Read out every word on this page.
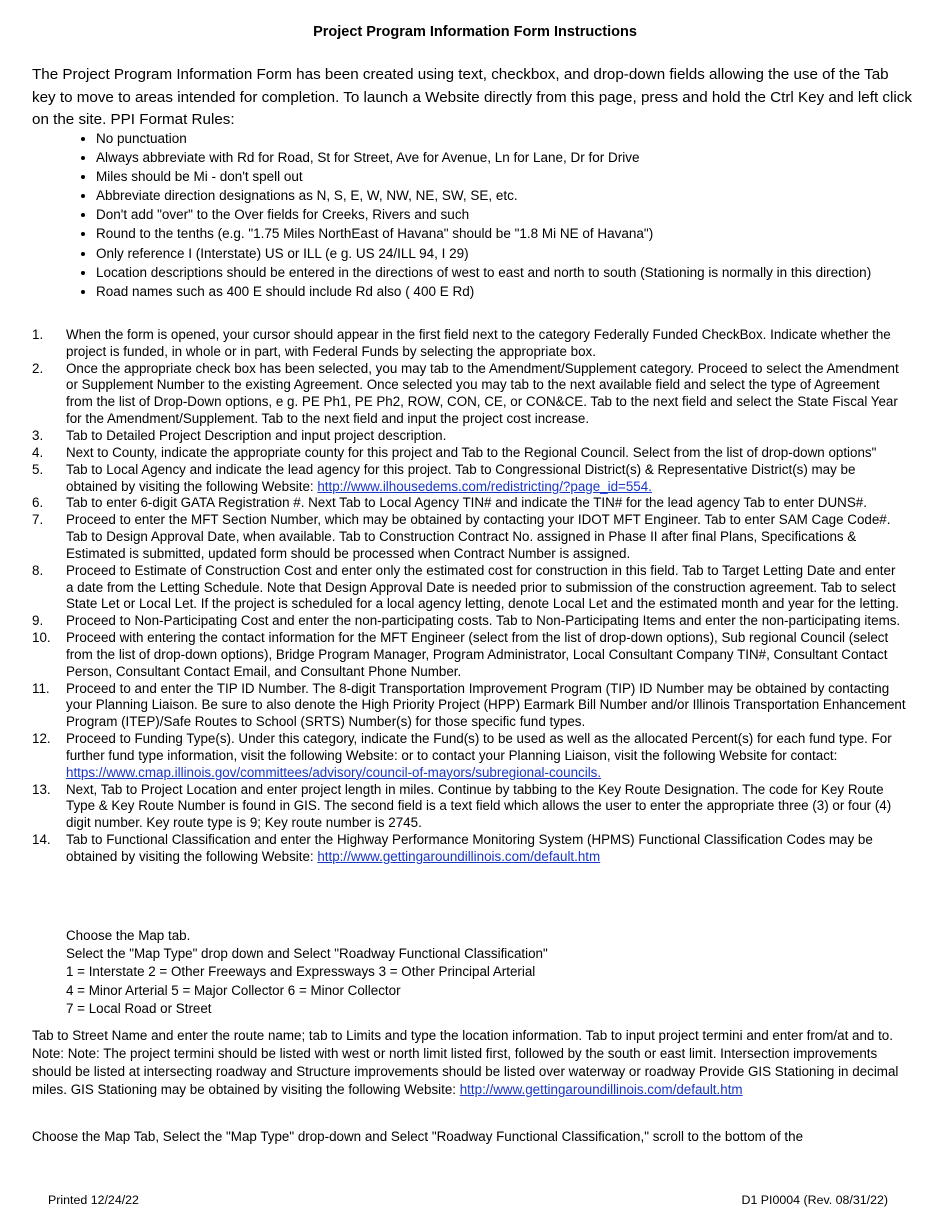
Project Program Information Form Instructions
The Project Program Information Form has been created using text, checkbox, and drop-down fields allowing the use of the Tab key to move to areas intended for completion. To launch a Website directly from this page, press and hold the Ctrl Key and left click on the site. PPI Format Rules:
• No punctuation
• Always abbreviate with Rd for Road, St for Street, Ave for Avenue, Ln for Lane, Dr for Drive
• Miles should be Mi - don't spell out
• Abbreviate direction designations as N, S, E, W, NW, NE, SW, SE, etc.
• Don't add "over" to the Over fields for Creeks, Rivers and such
• Round to the tenths (e.g. "1.75 Miles NorthEast of Havana" should be "1.8 Mi NE of Havana")
• Only reference I (Interstate) US or ILL (e g. US 24/ILL 94, I 29)
• Location descriptions should be entered in the directions of west to east and north to south (Stationing is normally in this direction)
• Road names such as 400 E should include Rd also ( 400 E Rd)
1. When the form is opened, your cursor should appear in the first field next to the category Federally Funded CheckBox. Indicate whether the project is funded, in whole or in part, with Federal Funds by selecting the appropriate box.
2. Once the appropriate check box has been selected, you may tab to the Amendment/Supplement category. Proceed to select the Amendment or Supplement Number to the existing Agreement. Once selected you may tab to the next available field and select the type of Agreement from the list of Drop-Down options, e g. PE Ph1, PE Ph2, ROW, CON, CE, or CON&CE. Tab to the next field and select the State Fiscal Year for the Amendment/Supplement. Tab to the next field and input the project cost increase.
3. Tab to Detailed Project Description and input project description.
4. Next to County, indicate the appropriate county for this project and Tab to the Regional Council. Select from the list of drop-down options"
5. Tab to Local Agency and indicate the lead agency for this project. Tab to Congressional District(s) & Representative District(s) may be obtained by visiting the following Website: http://www.ilhousedems.com/redistricting/?page_id=554.
6. Tab to enter 6-digit GATA Registration #. Next Tab to Local Agency TIN# and indicate the TIN# for the lead agency Tab to enter DUNS#.
7. Proceed to enter the MFT Section Number, which may be obtained by contacting your IDOT MFT Engineer. Tab to enter SAM Cage Code#. Tab to Design Approval Date, when available. Tab to Construction Contract No. assigned in Phase II after final Plans, Specifications & Estimated is submitted, updated form should be processed when Contract Number is assigned.
8. Proceed to Estimate of Construction Cost and enter only the estimated cost for construction in this field. Tab to Target Letting Date and enter a date from the Letting Schedule. Note that Design Approval Date is needed prior to submission of the construction agreement. Tab to select State Let or Local Let. If the project is scheduled for a local agency letting, denote Local Let and the estimated month and year for the letting.
9. Proceed to Non-Participating Cost and enter the non-participating costs. Tab to Non-Participating Items and enter the non-participating items.
10. Proceed with entering the contact information for the MFT Engineer (select from the list of drop-down options), Sub regional Council (select from the list of drop-down options), Bridge Program Manager, Program Administrator, Local Consultant Company TIN#, Consultant Contact Person, Consultant Contact Email, and Consultant Phone Number.
11. Proceed to and enter the TIP ID Number. The 8-digit Transportation Improvement Program (TIP) ID Number may be obtained by contacting your Planning Liaison. Be sure to also denote the High Priority Project (HPP) Earmark Bill Number and/or Illinois Transportation Enhancement Program (ITEP)/Safe Routes to School (SRTS) Number(s) for those specific fund types.
12. Proceed to Funding Type(s). Under this category, indicate the Fund(s) to be used as well as the allocated Percent(s) for each fund type. For further fund type information, visit the following Website: or to contact your Planning Liaison, visit the following Website for contact: https://www.cmap.illinois.gov/committees/advisory/council-of-mayors/subregional-councils.
13. Next, Tab to Project Location and enter project length in miles. Continue by tabbing to the Key Route Designation. The code for Key Route Type & Key Route Number is found in GIS. The second field is a text field which allows the user to enter the appropriate three (3) or four (4) digit number. Key route type is 9; Key route number is 2745.
14. Tab to Functional Classification and enter the Highway Performance Monitoring System (HPMS) Functional Classification Codes may be obtained by visiting the following Website: http://www.gettingaroundillinois.com/default.htm
Choose the Map tab.
Select the "Map Type" drop down and Select "Roadway Functional Classification"
1 = Interstate 2 = Other Freeways and Expressways 3 = Other Principal Arterial
4 = Minor Arterial 5 = Major Collector 6 = Minor Collector
7 = Local Road or Street
Tab to Street Name and enter the route name; tab to Limits and type the location information. Tab to input project termini and enter from/at and to. Note: Note: The project termini should be listed with west or north limit listed first, followed by the south or east limit. Intersection improvements should be listed at intersecting roadway and Structure improvements should be listed over waterway or roadway Provide GIS Stationing in decimal miles. GIS Stationing may be obtained by visiting the following Website: http://www.gettingaroundillinois.com/default.htm
Choose the Map Tab, Select the "Map Type" drop-down and Select "Roadway Functional Classification," scroll to the bottom of the
Printed 12/24/22	D1 PI0004 (Rev. 08/31/22)
